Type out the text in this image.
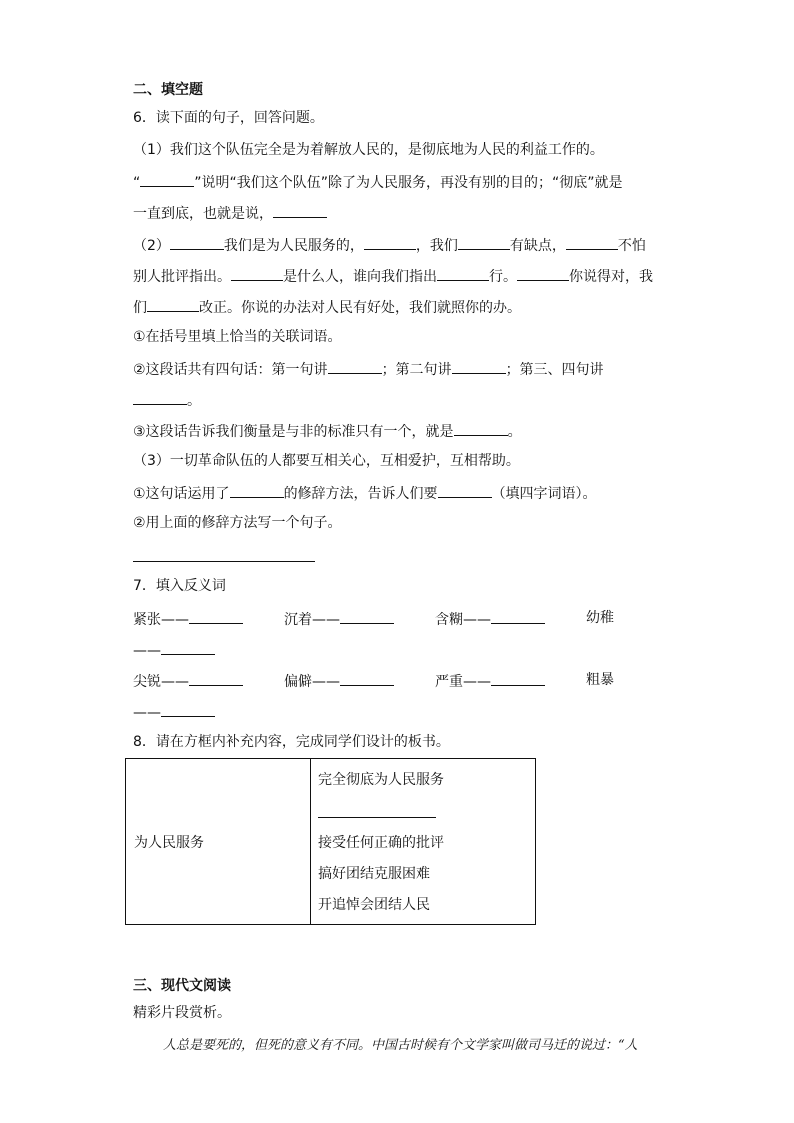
二、填空题
6．读下面的句子，回答问题。
（1）我们这个队伍完全是为着解放人民的，是彻底地为人民的利益工作的。
“	”说明“我们这个队伍”除了为人民服务，再没有别的目的；“彻底”就是
一直到底，也就是说，
（2）	我们是为人民服务的，	，我们	有缺点，	不怕
别人批评指出。	是什么人，谁向我们指出	行。	你说得对，我
们	改正。你说的办法对人民有好处，我们就照你的办。
①在括号里填上恰当的关联词语。
②这段话共有四句话：第一句讲	；第二句讲	；第三、四句讲
。
③这段话告诉我们衡量是与非的标准只有一个，就是	。
（3）一切革命队伍的人都要互相关心，互相爱护，互相帮助。
①这句话运用了	的修辞方法，告诉人们要	（填四字词语）。
②用上面的修辞方法写一个句子。
7．填入反义词
紧张——	沉着——	含糊——	幼稚
——
尖锐——	偏僻——	严重——	粗暴
——
8．请在方框内补充内容，完成同学们设计的板书。
为人民服务	
完全彻底为人民服务
接受任何正确的批评
搞好团结克服困难
开追悼会团结人民
三、现代文阅读
精彩片段赏析。
人总是要死的，但死的意义有不同。中国古时候有个文学家叫做司马迁的说过：“人
